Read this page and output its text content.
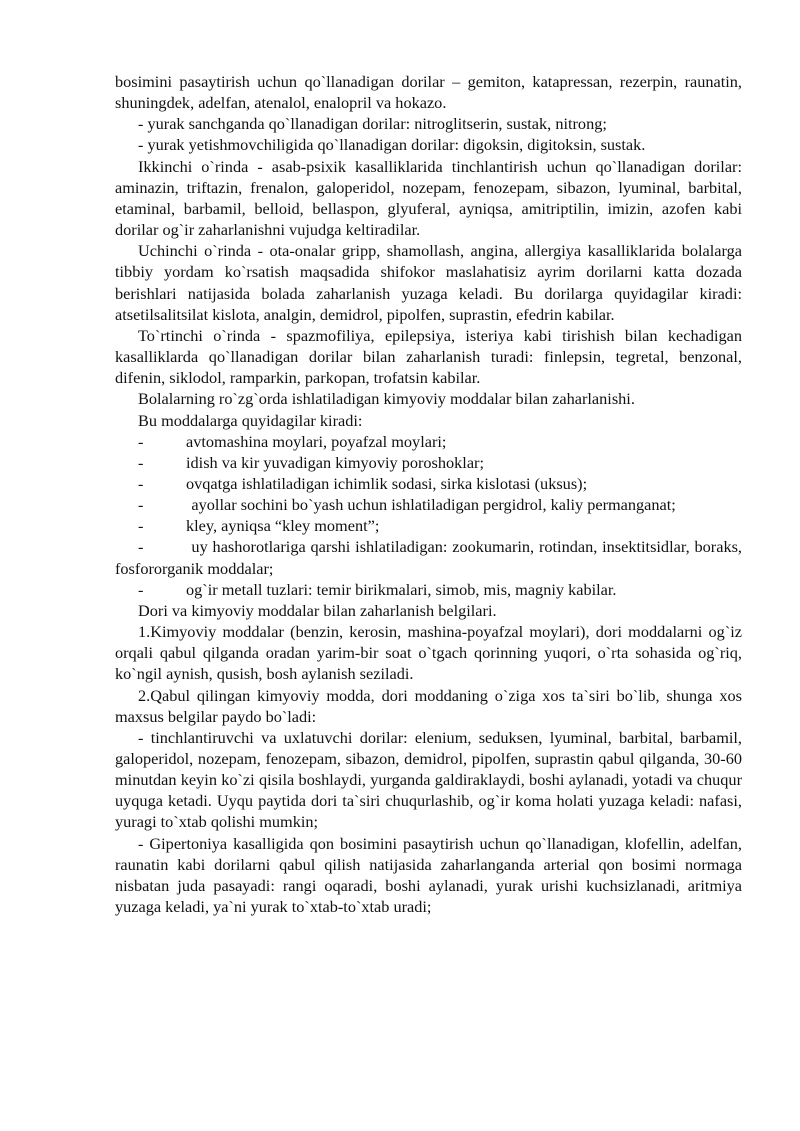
bosimini pasaytirish uchun qo`llanadigan dorilar – gemiton, katapressan, rezerpin, raunatin, shuningdek, adelfan, atenalol, enalopril va hokazo.

- yurak sanchganda qo`llanadigan dorilar: nitroglitserin, sustak, nitrong;

- yurak yetishmovchiligida qo`llanadigan dorilar: digoksin, digitoksin, sustak.

Ikkinchi o`rinda - asab-psixik kasalliklarida tinchlantirish uchun qo`llanadigan dorilar: aminazin, triftazin, frenalon, galoperidol, nozepam, fenozepam, sibazon, lyuminal, barbital, etaminal, barbamil, belloid, bellaspon, glyuferal, ayniqsa, amitriptilin, imizin, azofen kabi dorilar og`ir zaharlanishni vujudga keltiradilar.

Uchinchi o`rinda - ota-onalar gripp, shamollash, angina, allergiya kasalliklarida bolalarga tibbiy yordam ko`rsatish maqsadida shifokor maslahatisiz ayrim dorilarni katta dozada berishlari natijasida bolada zaharlanish yuzaga keladi. Bu dorilarga quyidagilar kiradi: atsetilsalitsilat kislota, analgin, demidrol, pipolfen, suprastin, efedrin kabilar.

To`rtinchi o`rinda - spazmofiliya, epilepsiya, isteriya kabi tirishish bilan kechadigan kasalliklarda qo`llanadigan dorilar bilan zaharlanish turadi: finlepsin, tegretal, benzonal, difenin, siklodol, ramparkin, parkopan, trofatsin kabilar.

Bolalarning ro`zg`orda ishlatiladigan kimyoviy moddalar bilan zaharlanishi.

Bu moddalarga quyidagilar kiradi:

-	avtomashina moylari, poyafzal moylari;
-	idish va kir yuvadigan kimyoviy poroshoklar;
-	ovqatga ishlatiladigan ichimlik sodasi, sirka kislotasi (uksus);

-	ayollar sochini bo`yash uchun ishlatiladigan pergidrol, kaliy permanganat;

-	kley, ayniqsa “kley moment”;

-	uy hashorotlariga qarshi ishlatiladigan: zookumarin, rotindan, insektitsidlar, boraks, fosfororganik moddalar;

-	og`ir metall tuzlari: temir birikmalari, simob, mis, magniy kabilar.

Dori va kimyoviy moddalar bilan zaharlanish belgilari.

1.Kimyoviy moddalar (benzin, kerosin, mashina-poyafzal moylari), dori moddalarni og`iz orqali qabul qilganda oradan yarim-bir soat o`tgach qorinning yuqori, o`rta sohasida og`riq, ko`ngil aynish, qusish, bosh aylanish seziladi.

2.Qabul qilingan kimyoviy modda, dori moddaning o`ziga xos ta`siri bo`lib, shunga xos maxsus belgilar paydo bo`ladi:

- tinchlantiruvchi va uxlatuvchi dorilar: elenium, seduksen, lyuminal, barbital, barbamil, galoperidol, nozepam, fenozepam, sibazon, demidrol, pipolfen, suprastin qabul qilganda, 30-60 minutdan keyin ko`zi qisila boshlaydi, yurganda galdiraklaydi, boshi aylanadi, yotadi va chuqur uyquga ketadi. Uyqu paytida dori ta`siri chuqurlashib, og`ir koma holati yuzaga keladi: nafasi, yuragi to`xtab qolishi mumkin;

- Gipertoniya kasalligida qon bosimini pasaytirish uchun qo`llanadigan, klofellin, adelfan, raunatin kabi dorilarni qabul qilish natijasida zaharlanganda arterial qon bosimi normaga nisbatan juda pasayadi: rangi oqaradi, boshi aylanadi, yurak urishi kuchsizlanadi, aritmiya yuzaga keladi, ya`ni yurak to`xtab-to`xtab uradi;
